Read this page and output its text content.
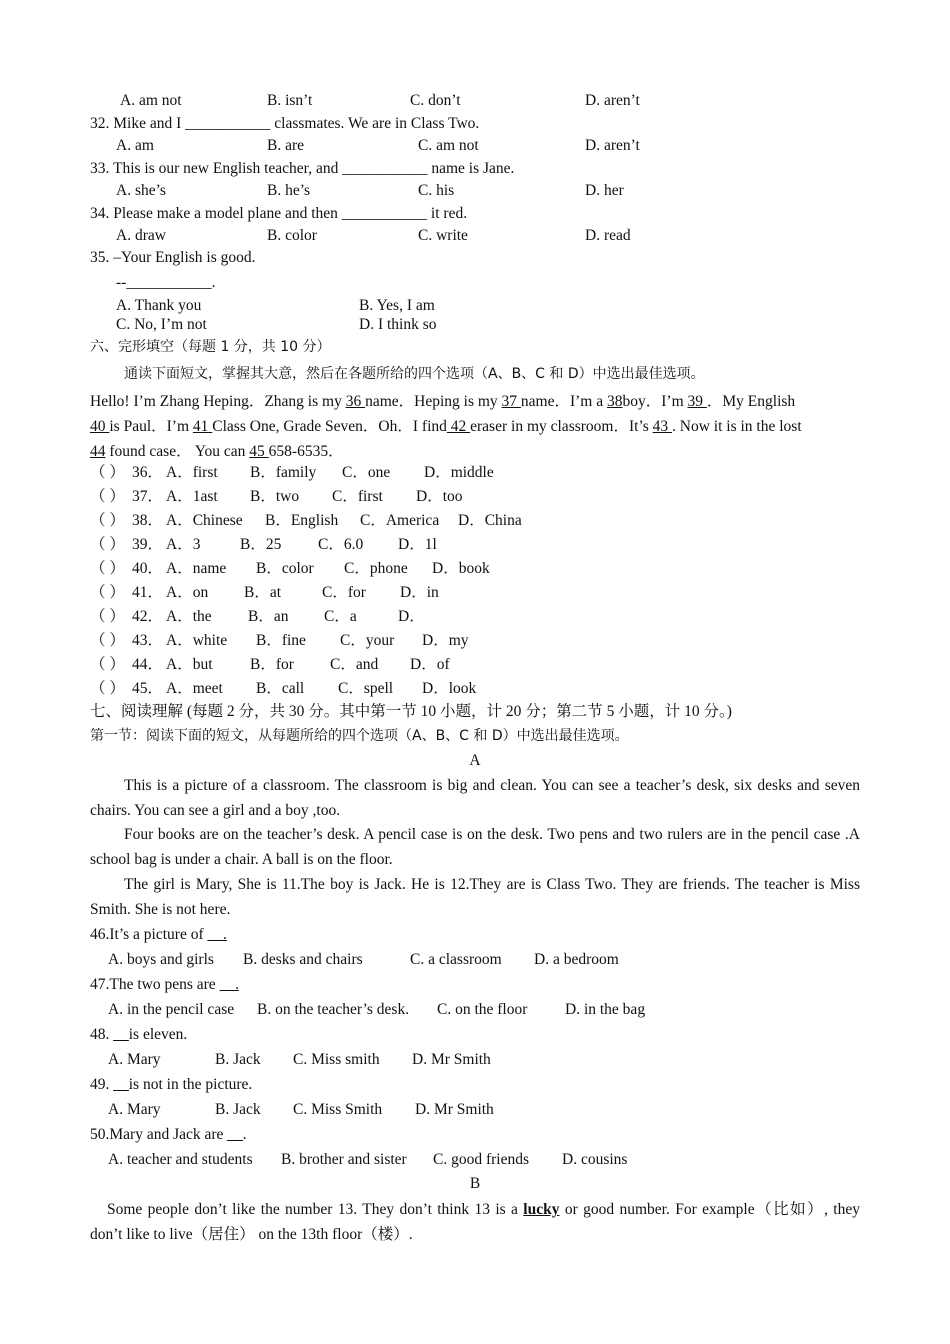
A. am not	B. isn’t	C. don’t	D. aren’t
32. Mike and I ___________ classmates. We are in Class Two.
A. am	B. are	C. am not	D. aren’t
33. This is our new English teacher, and ___________ name is Jane.
A. she’s	B. he’s	C. his	D. her
34. Please make a model plane and then ___________ it red.
A. draw	B. color	C. write	D. read
35. –Your English is good.
--___________.
A. Thank you	B. Yes, I am
C. No, I’m not	D. I think so
六、完形填空（每题 1 分，共 10 分）
通读下面短文，掌握其大意，然后在各题所给的四个选项（A、B、C 和 D）中选出最佳选项。
Hello! I’m Zhang Heping．Zhang is my 36 name．Heping is my 37 name．I’m a 38boy．I’m 39 ．My English
40 is Paul．I’m 41 Class One, Grade Seven．Oh．I find 42 eraser in my classroom．It’s 43 . Now it is in the lost
44 found case． You can 45 658-6535．
（ ） 36． A．first B．family C．one D．middle
（ ） 37． A．1ast B．two C．first D．too
（ ） 38． A．Chinese B．English C．America D．China
（ ） 39． A．3	B．25 C．6.0 D．1l
（ ） 40． A．name B．color C．phone D．book
（ ） 41． A．on B．at	C．for D．in
（ ） 42． A．the B．an C．a	D．
（ ） 43． A．white B．fine C．your D．my
（ ） 44． A．but B．for C．and D．of
（ ） 45． A．meet B．call C．spell D．look
七、阅读理解 (每题 2 分，共 30 分。其中第一节 10 小题，计 20 分；第二节 5 小题，计 10 分。)
第一节：阅读下面的短文，从每题所给的四个选项（A、B、C 和 D）中选出最佳选项。
A
This is a picture of a classroom. The classroom is big and clean. You can see a teacher’s desk, six desks and seven chairs. You can see a girl and a boy ,too.
Four books are on the teacher’s desk. A pencil case is on the desk. Two pens and two rulers are in the pencil case .A school bag is under a chair. A ball is on the floor.
The girl is Mary, She is 11.The boy is Jack. He is 12.They are is Class Two. They are friends. The teacher is Miss Smith. She is not here.
46.It’s a picture of __.
A. boys and girls B. desks and chairs	C. a classroom D. a bedroom
47.The two pens are __.
A. in the pencil case B. on the teacher’s desk. C. on the floor D. in the bag
48. __is eleven.
A. Mary	B. Jack C. Miss smith D. Mr Smith
49. __is not in the picture.
A. Mary	B. Jack C. Miss Smith D. Mr Smith
50.Mary and Jack are __.
A. teacher and students B. brother and sister C. good friends D. cousins
B
Some people don’t like the number 13. They don’t think 13 is a lucky or good number. For example（比如）, they don’t like to live（居住） on the 13th floor（楼）.
